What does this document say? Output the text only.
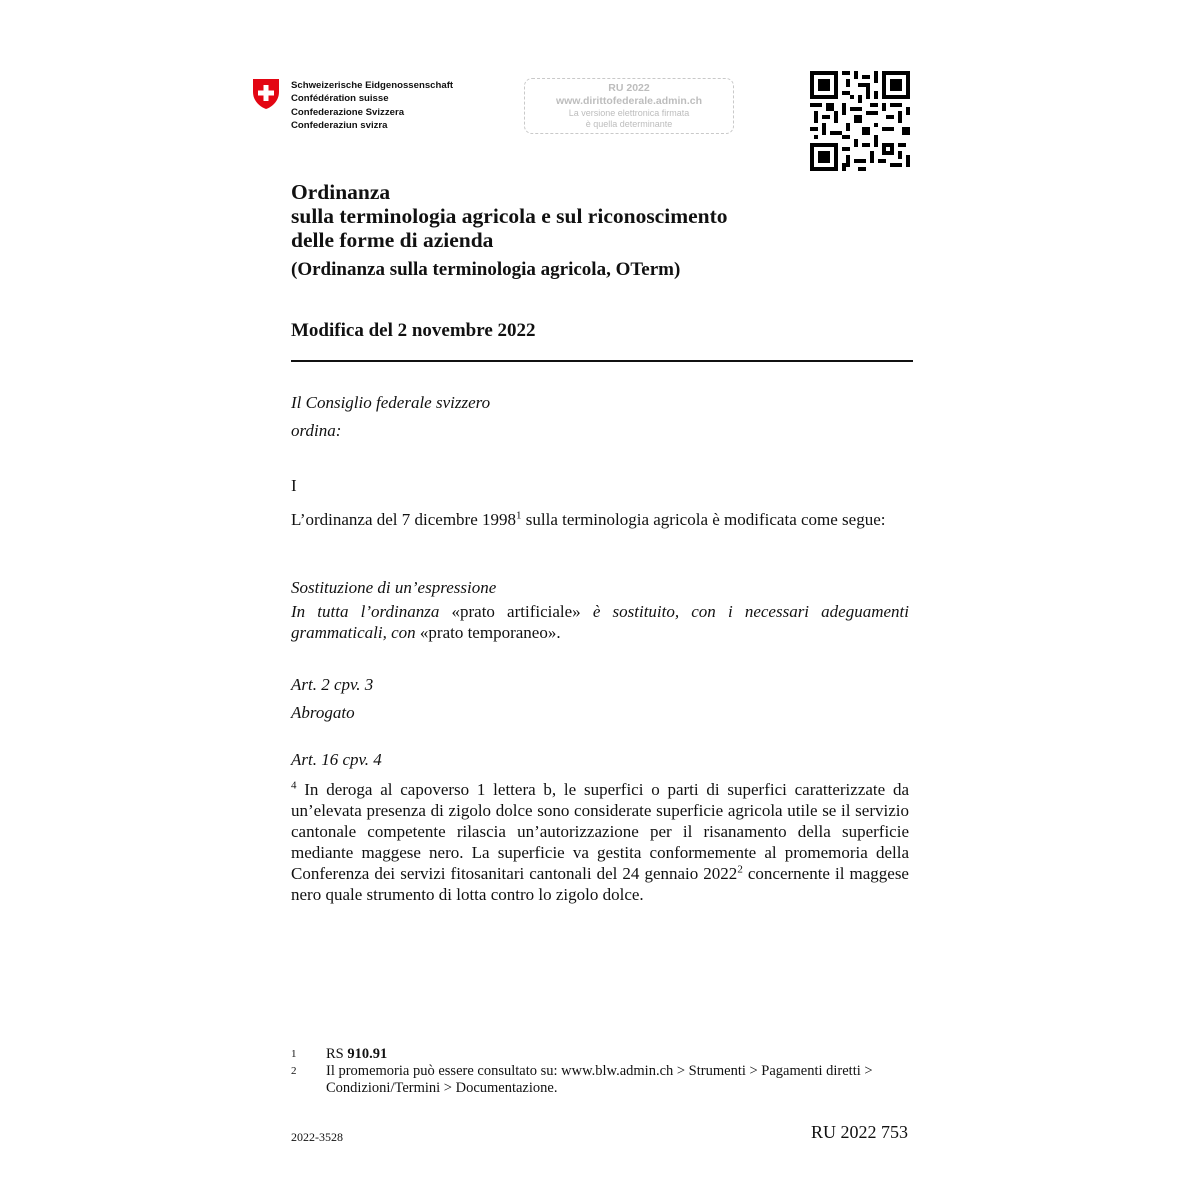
Schweizerische Eidgenossenschaft
Confédération suisse
Confederazione Svizzera
Confederaziun svizra
RU 2022
www.dirittofederale.admin.ch
La versione elettronica firmata
è quella determinante
Ordinanza
sulla terminologia agricola e sul riconoscimento
delle forme di azienda
(Ordinanza sulla terminologia agricola, OTerm)
Modifica del 2 novembre 2022
Il Consiglio federale svizzero
ordina:
I
L’ordinanza del 7 dicembre 1998$^1$ sulla terminologia agricola è modificata come segue:
Sostituzione di un’espressione
In tutta l’ordinanza «prato artificiale» è sostituito, con i necessari adeguamenti grammaticali, con «prato temporaneo».
Art. 2 cpv. 3
Abrogato
Art. 16 cpv. 4
$^4$ In deroga al capoverso 1 lettera b, le superfici o parti di superfici caratterizzate da un’elevata presenza di zigolo dolce sono considerate superficie agricola utile se il servizio cantonale competente rilascia un’autorizzazione per il risanamento della superficie mediante maggese nero. La superficie va gestita conformemente al promemoria della Conferenza dei servizi fitosanitari cantonali del 24 gennaio 2022$^2$ concernente il maggese nero quale strumento di lotta contro lo zigolo dolce.
1	RS 910.91
2	Il promemoria può essere consultato su: www.blw.admin.ch > Strumenti > Pagamenti diretti > Condizioni/Termini > Documentazione.
2022-3528	RU 2022 753
